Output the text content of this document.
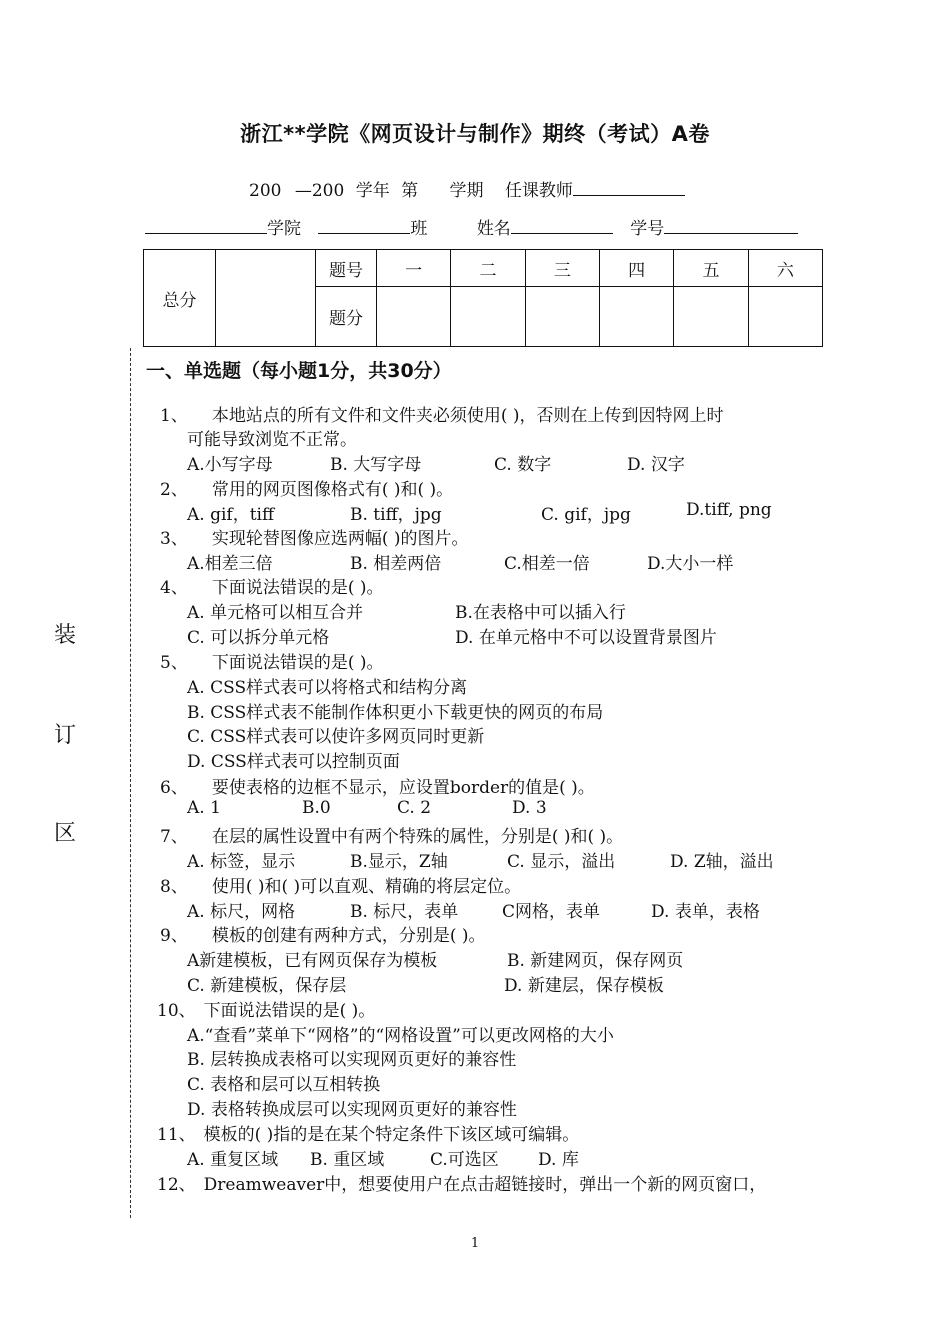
浙江**学院《网页设计与制作》期终（考试）A卷
200 —200 学年 第 学期 任课教师
学院	班	姓名	学号
总分		题号	一	二	三	四	五	六
		题分						
装
订
区
一、单选题（每小题1分，共30分）
1、 本地站点的所有文件和文件夹必须使用( )，否则在上传到因特网上时
可能导致浏览不正常。
A.小写字母	B. 大写字母	C. 数字	D. 汉字
2、 常用的网页图像格式有( )和( )。
A. gif，tiff	B. tiff，jpg	C. gif，jpg	D.tiff, png
3、 实现轮替图像应选两幅( )的图片。
A.相差三倍	B. 相差两倍	C.相差一倍	D.大小一样
4、 下面说法错误的是( )。
A. 单元格可以相互合并	B.在表格中可以插入行
C. 可以拆分单元格	D. 在单元格中不可以设置背景图片
5、 下面说法错误的是( )。
A. CSS样式表可以将格式和结构分离
B. CSS样式表不能制作体积更小下载更快的网页的布局
C. CSS样式表可以使许多网页同时更新
D. CSS样式表可以控制页面
6、 要使表格的边框不显示，应设置border的值是( )。
A. 1	B.0	C. 2	D. 3
7、 在层的属性设置中有两个特殊的属性，分别是( )和( )。
A. 标签，显示	B.显示，Z轴	C. 显示，溢出	D. Z轴，溢出
8、 使用( )和( )可以直观、精确的将层定位。
A. 标尺，网格	B. 标尺，表单	C网格，表单	D. 表单，表格
9、 模板的创建有两种方式，分别是( )。
A新建模板，已有网页保存为模板	B. 新建网页，保存网页
C. 新建模板，保存层	D. 新建层，保存模板
10、 下面说法错误的是( )。
A.“查看”菜单下“网格”的“网格设置”可以更改网格的大小
B. 层转换成表格可以实现网页更好的兼容性
C. 表格和层可以互相转换
D. 表格转换成层可以实现网页更好的兼容性
11、 模板的( )指的是在某个特定条件下该区域可编辑。
A. 重复区域 B. 重区域	C.可选区 D. 库
12、 Dreamweaver中，想要使用户在点击超链接时，弹出一个新的网页窗口，
1
